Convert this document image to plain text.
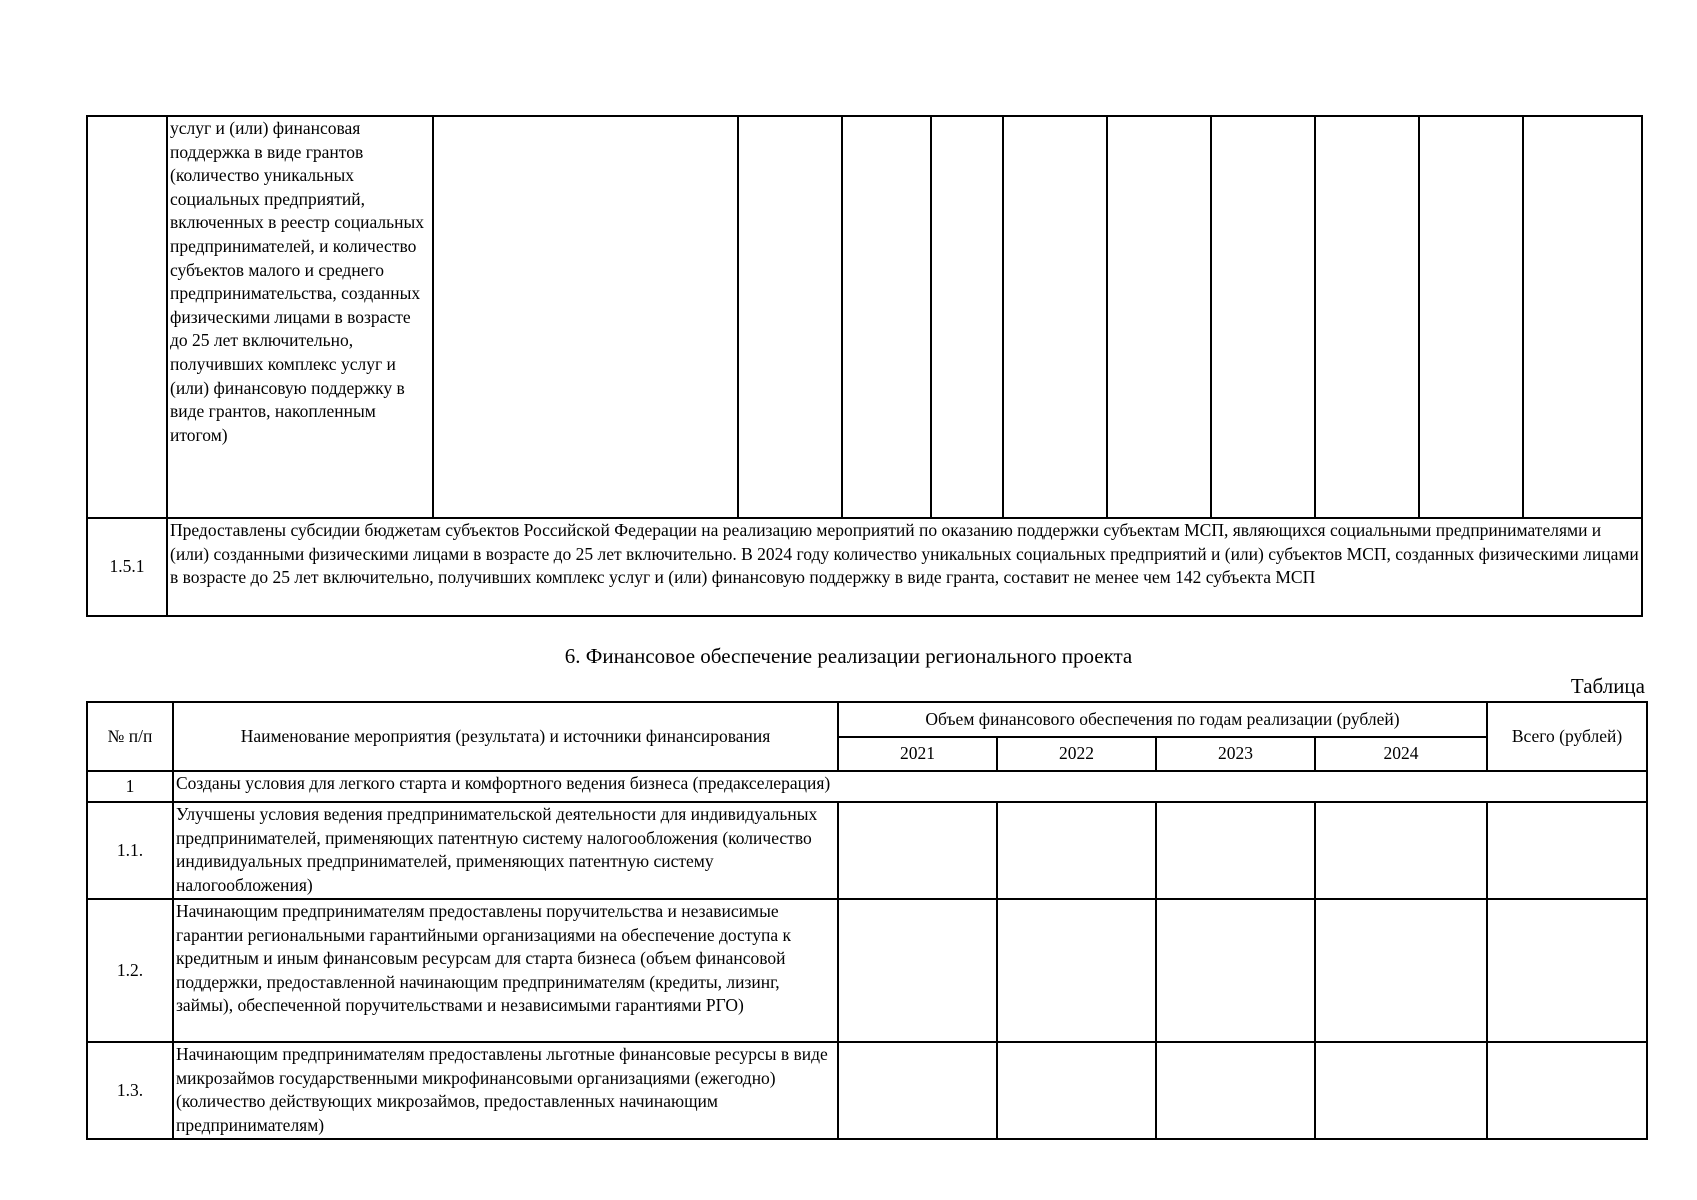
	услуг и (или) финансовая поддержка в виде грантов (количество уникальных социальных предприятий, включенных в реестр социальных предпринимателей, и количество субъектов малого и среднего предпринимательства, созданных физическими лицами в возрасте до 25 лет включительно, получивших комплекс услуг и (или) финансовую поддержку в виде грантов, накопленным итогом)										
1.5.1	Предоставлены субсидии бюджетам субъектов Российской Федерации на реализацию мероприятий по оказанию поддержки субъектам МСП, являющихся социальными предпринимателями и (или) созданными физическими лицами в возрасте до 25 лет включительно. В 2024 году количество уникальных социальных предприятий и (или) субъектов МСП, созданных физическими лицами в возрасте до 25 лет включительно, получивших комплекс услуг и (или) финансовую поддержку в виде гранта, составит не менее чем 142 субъекта МСП										
6. Финансовое обеспечение реализации регионального проекта
Таблица
№ п/п	Наименование мероприятия (результата) и источники финансирования	Объем финансового обеспечения по годам реализации (рублей)				Всего (рублей)
		2021	2022	2023	2024	
1	Созданы условия для легкого старта и комфортного ведения бизнеса (предакселерация)					
1.1.	Улучшены условия ведения предпринимательской деятельности для индивидуальных предпринимателей, применяющих патентную систему налогообложения (количество индивидуальных предпринимателей, применяющих патентную систему налогообложения)					
1.2.	Начинающим предпринимателям предоставлены поручительства и независимые гарантии региональными гарантийными организациями на обеспечение доступа к кредитным и иным финансовым ресурсам для старта бизнеса (объем финансовой поддержки, предоставленной начинающим предпринимателям (кредиты, лизинг, займы), обеспеченной поручительствами и независимыми гарантиями РГО)					
1.3.	Начинающим предпринимателям предоставлены льготные финансовые ресурсы в виде микрозаймов государственными микрофинансовыми организациями (ежегодно) (количество действующих микрозаймов, предоставленных начинающим предпринимателям)					
